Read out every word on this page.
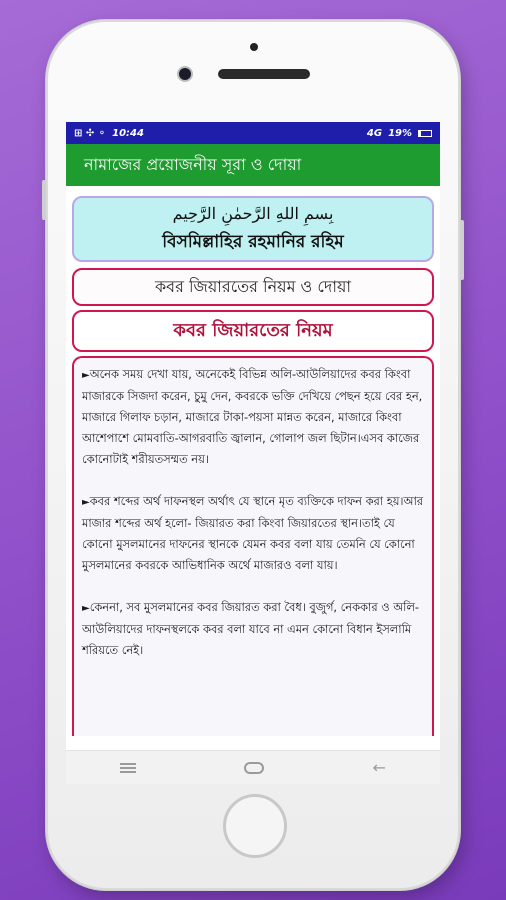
⊞ ✣ ⚬ 10:44	4G 19%
নামাজের প্রয়োজনীয় সূরা ও দোয়া
بِسمِ اللهِ الرَّحمٰنِ الرَّحِيم
বিসমিল্লাহির রহমানির রহিম
কবর জিয়ারতের নিয়ম ও দোয়া
কবর জিয়ারতের নিয়ম

►অনেক সময় দেখা যায়, অনেকেই বিভিন্ন অলি-আউলিয়াদের কবর কিংবা মাজারকে সিজদা করেন, চুমু দেন, কবরকে ভক্তি দেখিয়ে পেছন হয়ে বের হন, মাজারে গিলাফ চড়ান, মাজারে টাকা-পয়সা মান্নত করেন, মাজারে কিংবা আশেপাশে মোমবাতি-আগরবাতি জ্বালান, গোলাপ জল ছিটান।এসব কাজের কোনোটাই শরীয়তসম্মত নয়।

►কবর শব্দের অর্থ দাফনস্থল অর্থাৎ যে স্থানে মৃত ব্যক্তিকে দাফন করা হয়।আর মাজার শব্দের অর্থ হলো- জিয়ারত করা কিংবা জিয়ারতের স্থান।তাই যে কোনো মুসলমানের দাফনের স্থানকে যেমন কবর বলা যায় তেমনি যে কোনো মুসলমানের কবরকে আভিধানিক অর্থে মাজারও বলা যায়।

►কেননা, সব মুসলমানের কবর জিয়ারত করা বৈধ। বুজুর্গ, নেককার ও অলি-আউলিয়াদের দাফনস্থলকে কবর বলা যাবে না এমন কোনো বিধান ইসলামি শরিয়তে নেই।

←
